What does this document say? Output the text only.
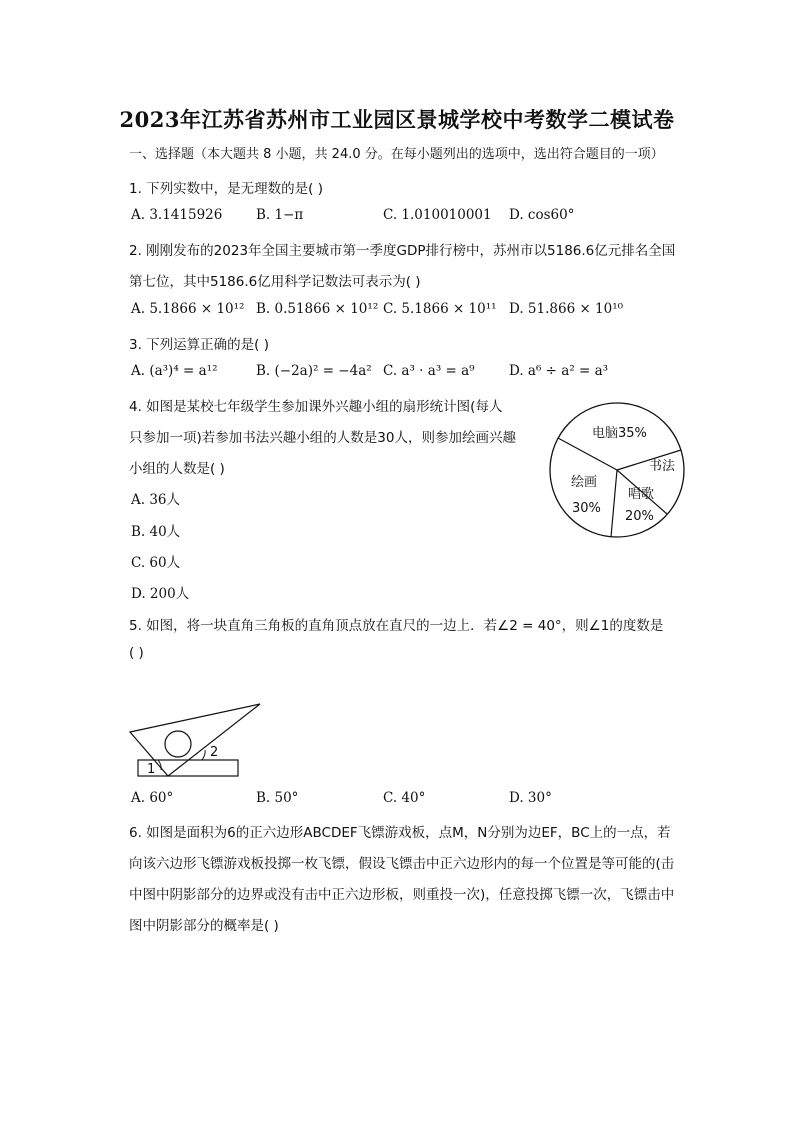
2023年江苏省苏州市工业园区景城学校中考数学二模试卷
一、选择题（本大题共 8 小题，共 24.0 分。在每小题列出的选项中，选出符合题目的一项）
1. 下列实数中，是无理数的是( )
A. 3.1415926 B. 1−π	C. 1.010010001 D. cos60°
2. 刚刚发布的2023年全国主要城市第一季度GDP排行榜中，苏州市以5186.6亿元排名全国
第七位，其中5186.6亿用科学记数法可表示为( )
A. 5.1866 × 10¹² B. 0.51866 × 10¹² C. 5.1866 × 10¹¹ D. 51.866 × 10¹⁰
3. 下列运算正确的是( )
A. (a³)⁴ = a¹²	B. (−2a)² = −4a² C. a³ · a³ = a⁹	D. a⁶ ÷ a² = a³
4. 如图是某校七年级学生参加课外兴趣小组的扇形统计图(每人
只参加一项)若参加书法兴趣小组的人数是30人，则参加绘画兴趣
小组的人数是( )
A. 36人
B. 40人
C. 60人
D. 200人
电脑35%
书法
绘画
30%
唱歌
20%
5. 如图，将一块直角三角板的直角顶点放在直尺的一边上．若∠2 = 40°，则∠1的度数是
( )
2
1
A. 60°	B. 50°	C. 40°	D. 30°
6. 如图是面积为6的正六边形ABCDEF飞镖游戏板，点M，N分别为边EF，BC上的一点，若
向该六边形飞镖游戏板投掷一枚飞镖，假设飞镖击中正六边形内的每一个位置是等可能的(击
中图中阴影部分的边界或没有击中正六边形板，则重投一次)，任意投掷飞镖一次，飞镖击中
图中阴影部分的概率是( )
